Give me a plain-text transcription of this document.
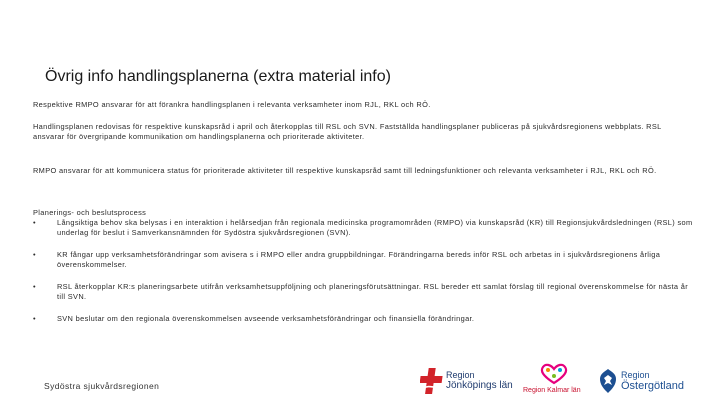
Övrig info handlingsplanerna (extra material info)

Respektive RMPO ansvarar för att förankra handlingsplanen i relevanta verksamheter inom RJL, RKL och RÖ.

Handlingsplanen redovisas för respektive kunskapsråd i april och återkopplas till RSL och SVN. Fastställda handlingsplaner publiceras på sjukvårdsregionens webbplats. RSL ansvarar för övergripande kommunikation om handlingsplanerna och prioriterade aktiviteter.

RMPO ansvarar för att kommunicera status för prioriterade aktiviteter till respektive kunskapsråd samt till ledningsfunktioner och relevanta verksamheter i RJL, RKL och RÖ.

Planerings- och beslutsprocess

•	Långsiktiga behov ska belysas i en interaktion i helårsedjan från regionala medicinska programområden (RMPO) via kunskapsråd (KR) till Regionsjukvårdsledningen (RSL) som underlag för beslut i Samverkansnämnden för Sydöstra sjukvårdsregionen (SVN).
•	KR fångar upp verksamhetsförändringar som avisera s i RMPO eller andra gruppbildningar. Förändringarna bereds inför RSL och arbetas in i sjukvårdsregionens årliga överenskommelser.
•	RSL återkopplar KR:s planeringsarbete utifrån verksamhetsuppföljning och planeringsförutsättningar. RSL bereder ett samlat förslag till regional överenskommelse för nästa år till SVN.
•	SVN beslutar om den regionala överenskommelsen avseende verksamhetsförändringar och finansiella förändringar.
Sydöstra sjukvårdsregionen
Region
Jönköpings län Region Kalmar län
Region
Östergötland
